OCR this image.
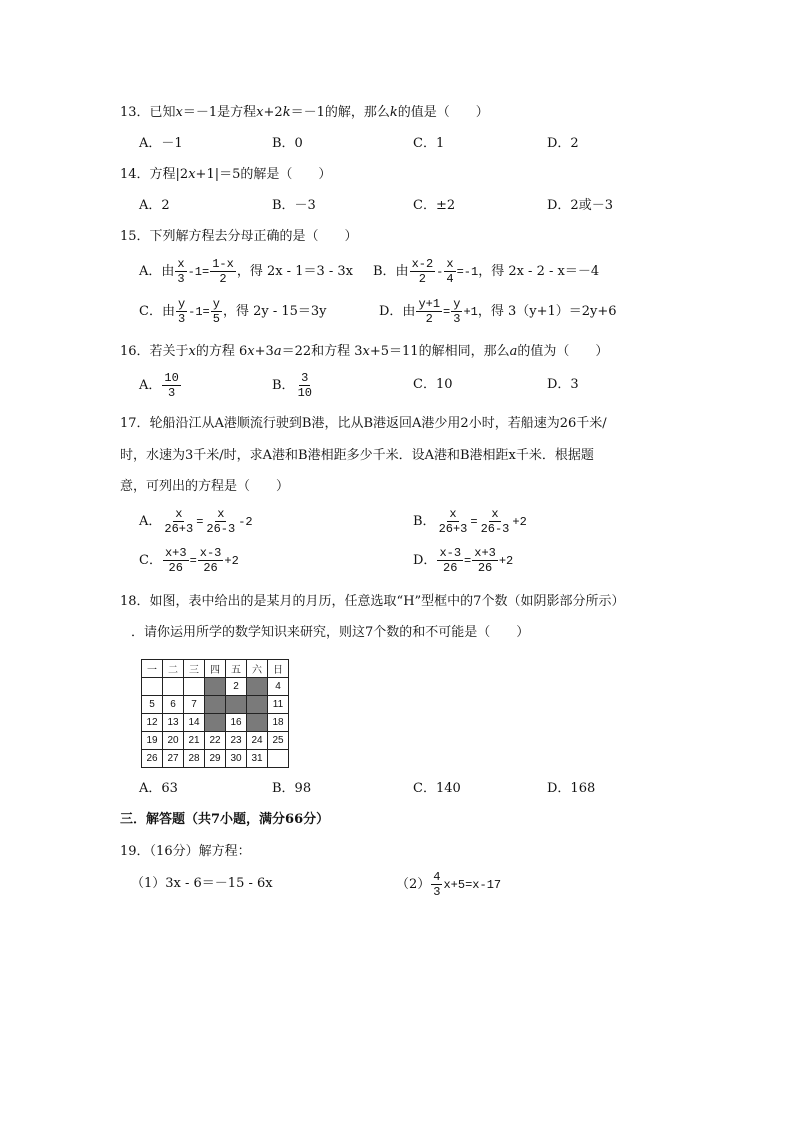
13．已知x＝－1是方程x+2k＝－1的解，那么k的值是（　　）
A．－1	B．0	C．1	D．2
14．方程|2x+1|＝5的解是（　　）
A．2	B．－3	C．±2	D．2或－3
15．下列解方程去分母正确的是（　　）
A．由 x
3
$-1= \frac{1-x}{2}$ ，得 2x - 1＝3 - 3x B．由 x-2
2
- $\frac{x}{4} =-1$ ，得 2x - 2 - x＝－4
C．由 y
3
$-1= \frac{y}{5}$ ，得 2y - 15＝3y	D．由 $\frac{y+1}{2} = \frac{y}{3} +1$ ，得 3（y+1）＝2y+6
16．若关于x的方程 6x+3a＝22和方程 3x+5＝11的解相同，那么a的值为（　　）
A． 10
3
B． 3
10
C．10	D．3
17．轮船沿江从A港顺流行驶到B港，比从B港返回A港少用2小时，若船速为26千米/
时，水速为3千米/时，求A港和B港相距多少千米．设A港和B港相距x千米．根据题
意，可列出的方程是（　　）
A． $\frac{x}{26+3} = \frac{x}{26-3} -2$	B． $\frac{x}{26+3} = \frac{x}{26-3} +2$
C． $\frac{x+3}{26} = \frac{x-3}{26} +2$	D． $\frac{x-3}{26} = \frac{x+3}{26} +2$
18．如图，表中给出的是某月的月历，任意选取“H”型框中的7个数（如阴影部分所示）
．请你运用所学的数学知识来研究，则这7个数的和不可能是（　　）
一	二	三	四	五	六	日
				2		4
5	6	7				11
12	13	14		16		18
19	20	21	22	23	24	25
26	27	28	29	30	31	
A．63	B．98	C．140	D．168
三．解答题（共7小题，满分66分）
19．（16分）解方程：
（1）3x - 6＝－15 - 6x	（2） 4
3
x+5=x-17
